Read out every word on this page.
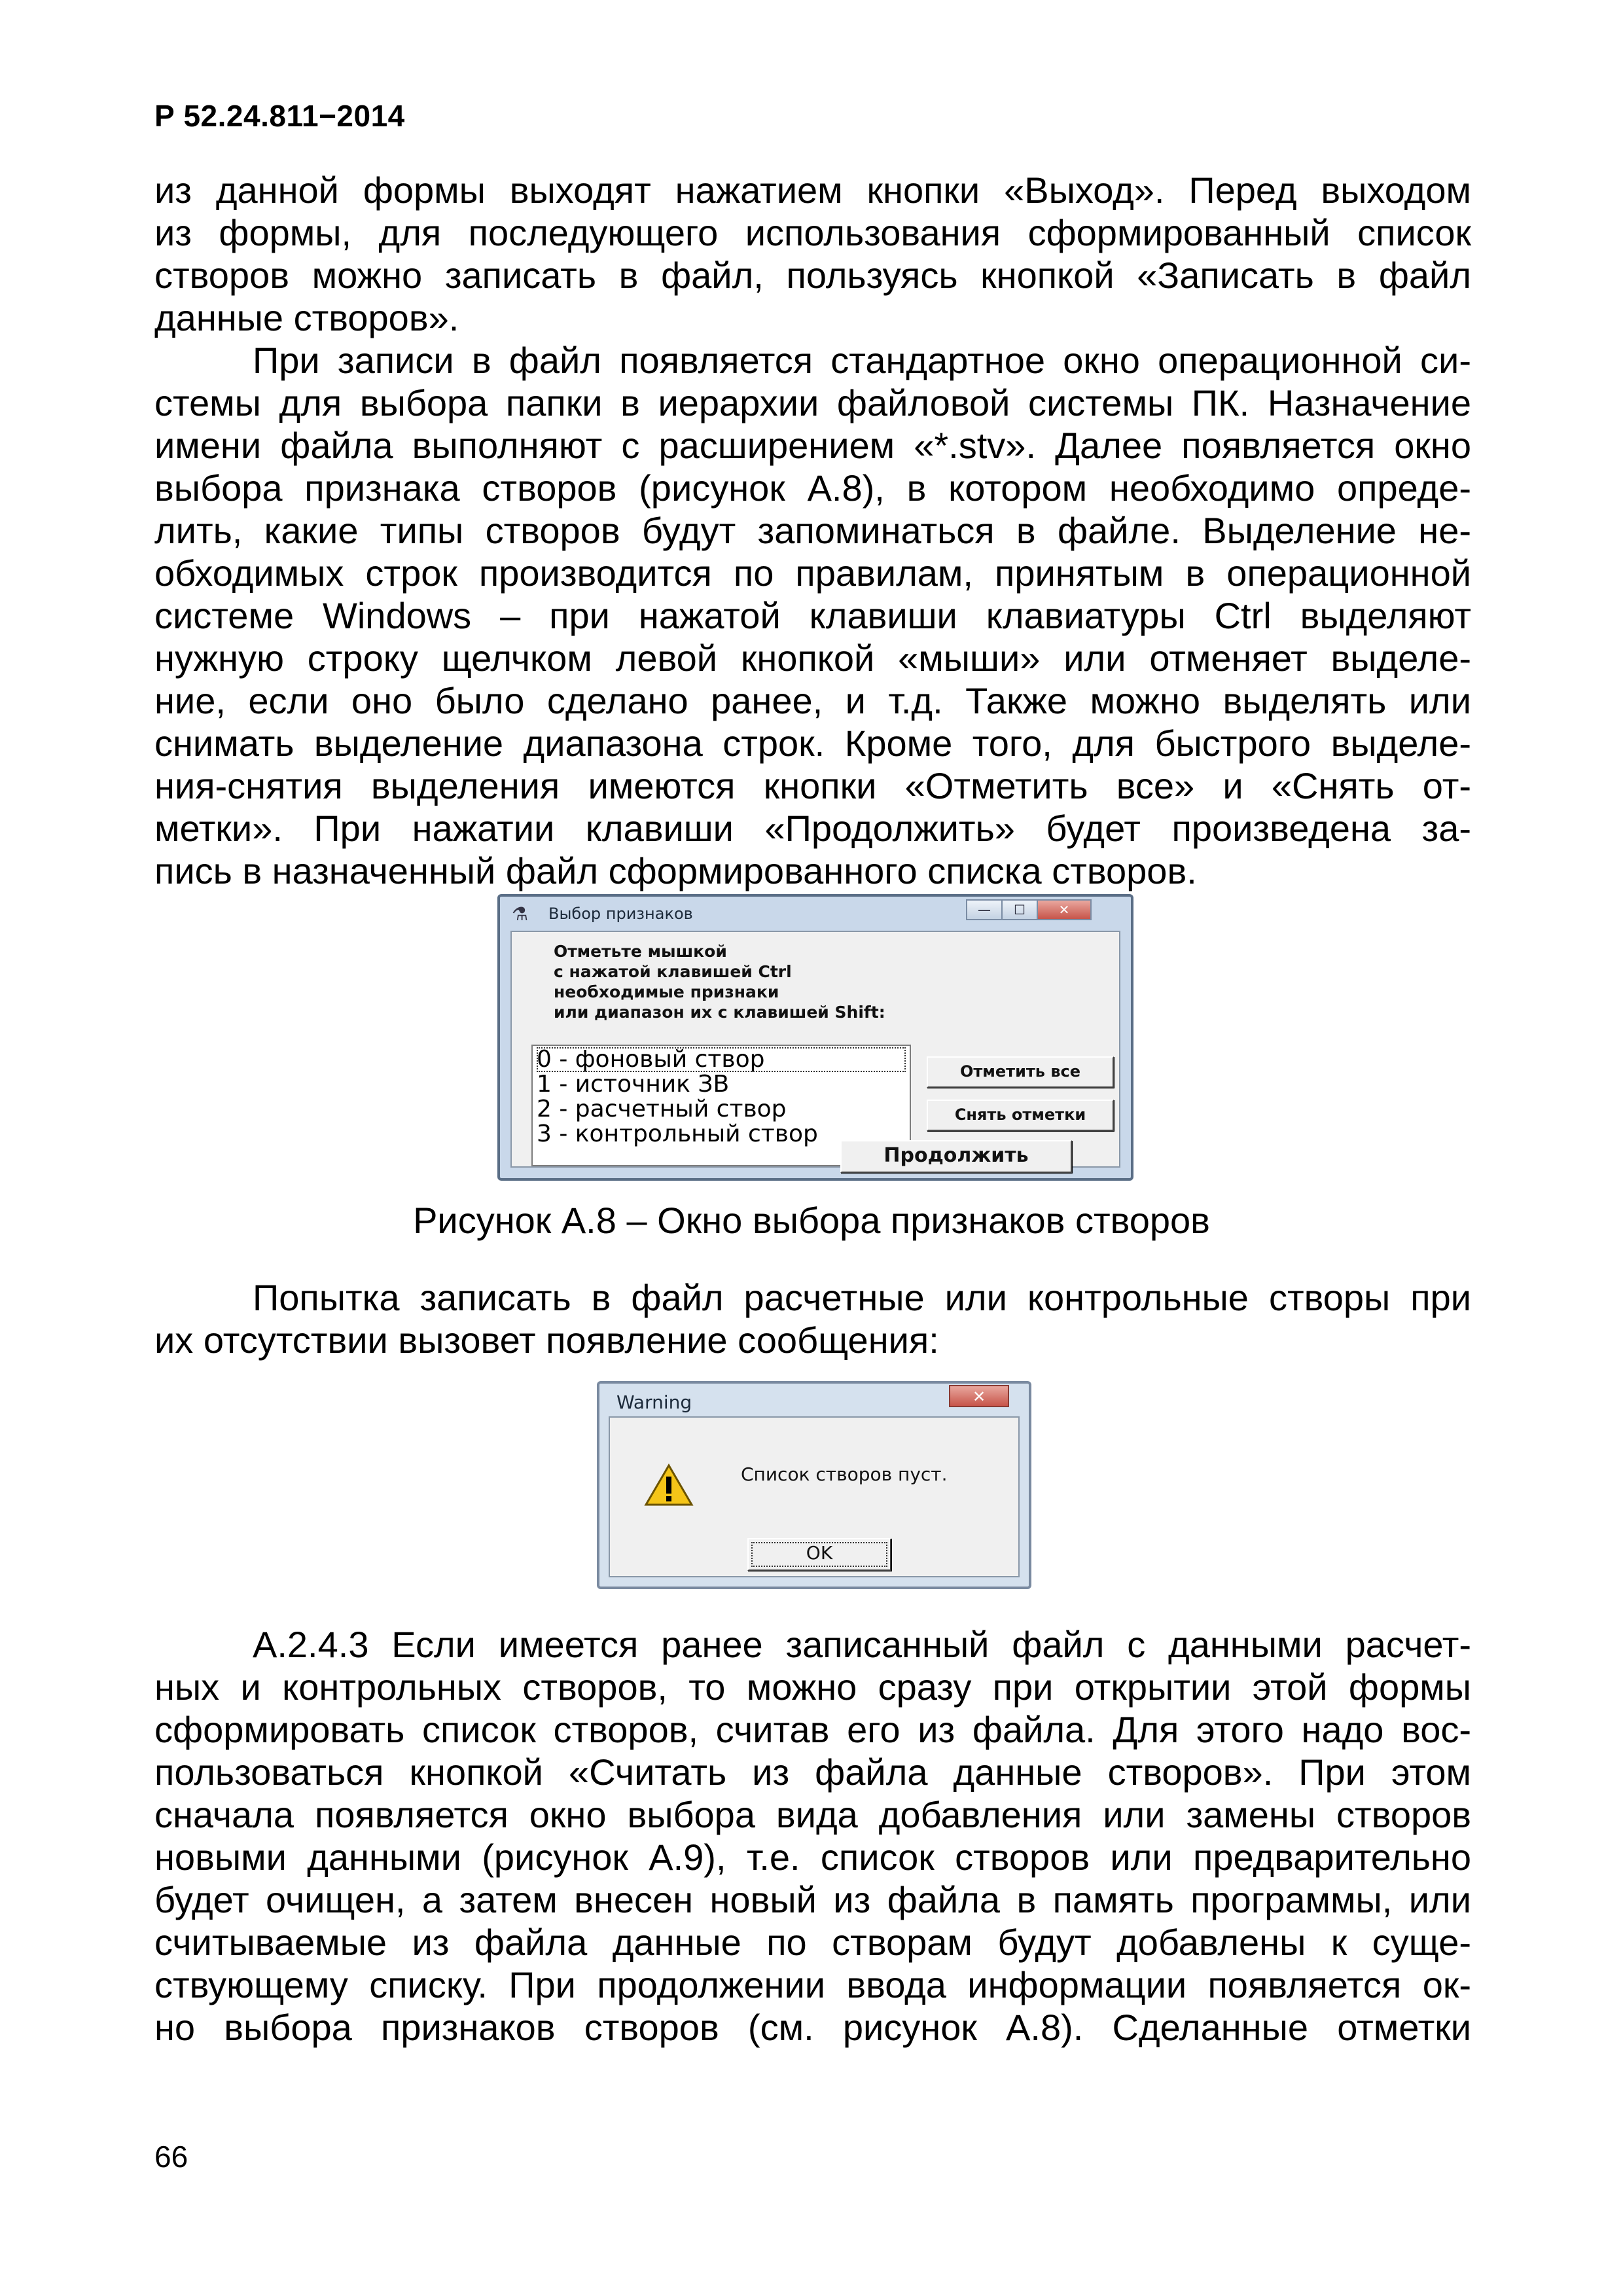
Р 52.24.811−2014
из данной формы выходят нажатием кнопки «Выход». Перед выходом
из формы, для последующего использования сформированный список
створов можно записать в файл, пользуясь кнопкой «Записать в файл
данные створов».
При записи в файл появляется стандартное окно операционной си-
стемы для выбора папки в иерархии файловой системы ПК. Назначение
имени файла выполняют с расширением «*.stv». Далее появляется окно
выбора признака створов (рисунок А.8), в котором необходимо опреде-
лить, какие типы створов будут запоминаться в файле. Выделение не-
обходимых строк производится по правилам, принятым в операционной
системе Windows – при нажатой клавиши клавиатуры Ctrl выделяют
нужную строку щелчком левой кнопкой «мыши» или отменяет выделе-
ние, если оно было сделано ранее, и т.д. Также можно выделять или
снимать выделение диапазона строк. Кроме того, для быстрого выделе-
ния-снятия выделения имеются кнопки «Отметить все» и «Снять от-
метки». При нажатии клавиши «Продолжить» будет произведена за-
пись в назначенный файл сформированного списка створов.
⚗ Выбор признаков	—	☐	✕
Отметьте мышкой
с нажатой клавишей Ctrl
необходимые признаки
или диапазон их с клавишей Shift:
0 - фоновый створ
1 - источник ЗВ
2 - расчетный створ
3 - контрольный створ
Отметить все
Снять отметки
Продолжить
Рисунок А.8 – Окно выбора признаков створов
Попытка записать в файл расчетные или контрольные створы при
их отсутствии вызовет появление сообщения:
Warning	✕
Список створов пуст.
OK
А.2.4.3 Если имеется ранее записанный файл с данными расчет-
ных и контрольных створов, то можно сразу при открытии этой формы
сформировать список створов, считав его из файла. Для этого надо вос-
пользоваться кнопкой «Считать из файла данные створов». При этом
сначала появляется окно выбора вида добавления или замены створов
новыми данными (рисунок А.9), т.е. список створов или предварительно
будет очищен, а затем внесен новый из файла в память программы, или
считываемые из файла данные по створам будут добавлены к суще-
ствующему списку. При продолжении ввода информации появляется ок-
но выбора признаков створов (см. рисунок А.8). Сделанные отметки
66
